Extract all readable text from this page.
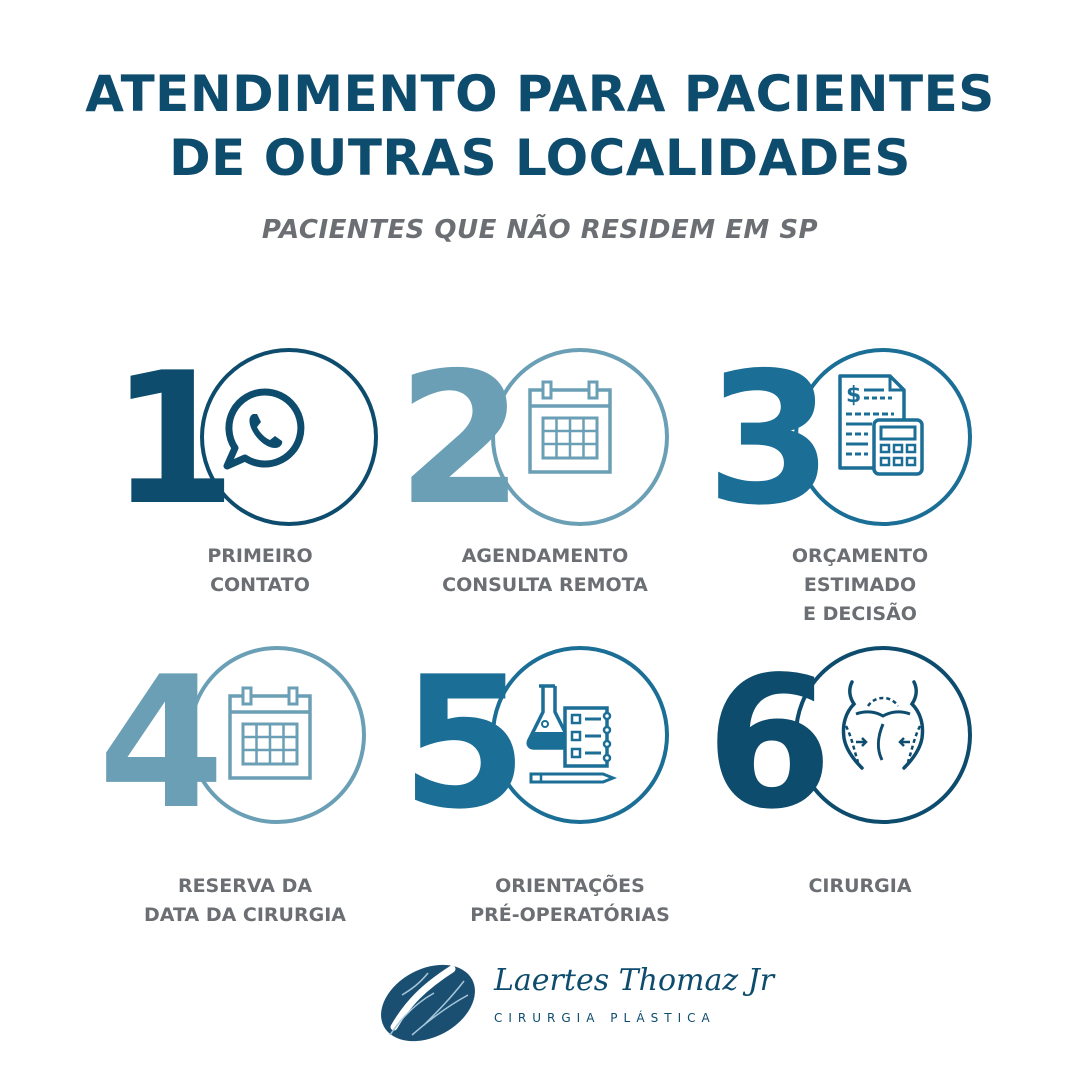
ATENDIMENTO PARA PACIENTES
DE OUTRAS LOCALIDADES
PACIENTES QUE NÃO RESIDEM EM SP
1
PRIMEIRO
CONTATO
2
AGENDAMENTO
CONSULTA REMOTA
3 $
ORÇAMENTO
ESTIMADO
E DECISÃO
4
RESERVA DA
DATA DA CIRURGIA
5
ORIENTAÇÕES
PRÉ-OPERATÓRIAS
6
CIRURGIA
Laertes Thomaz Jr
CIRURGIA PLÁSTICA
